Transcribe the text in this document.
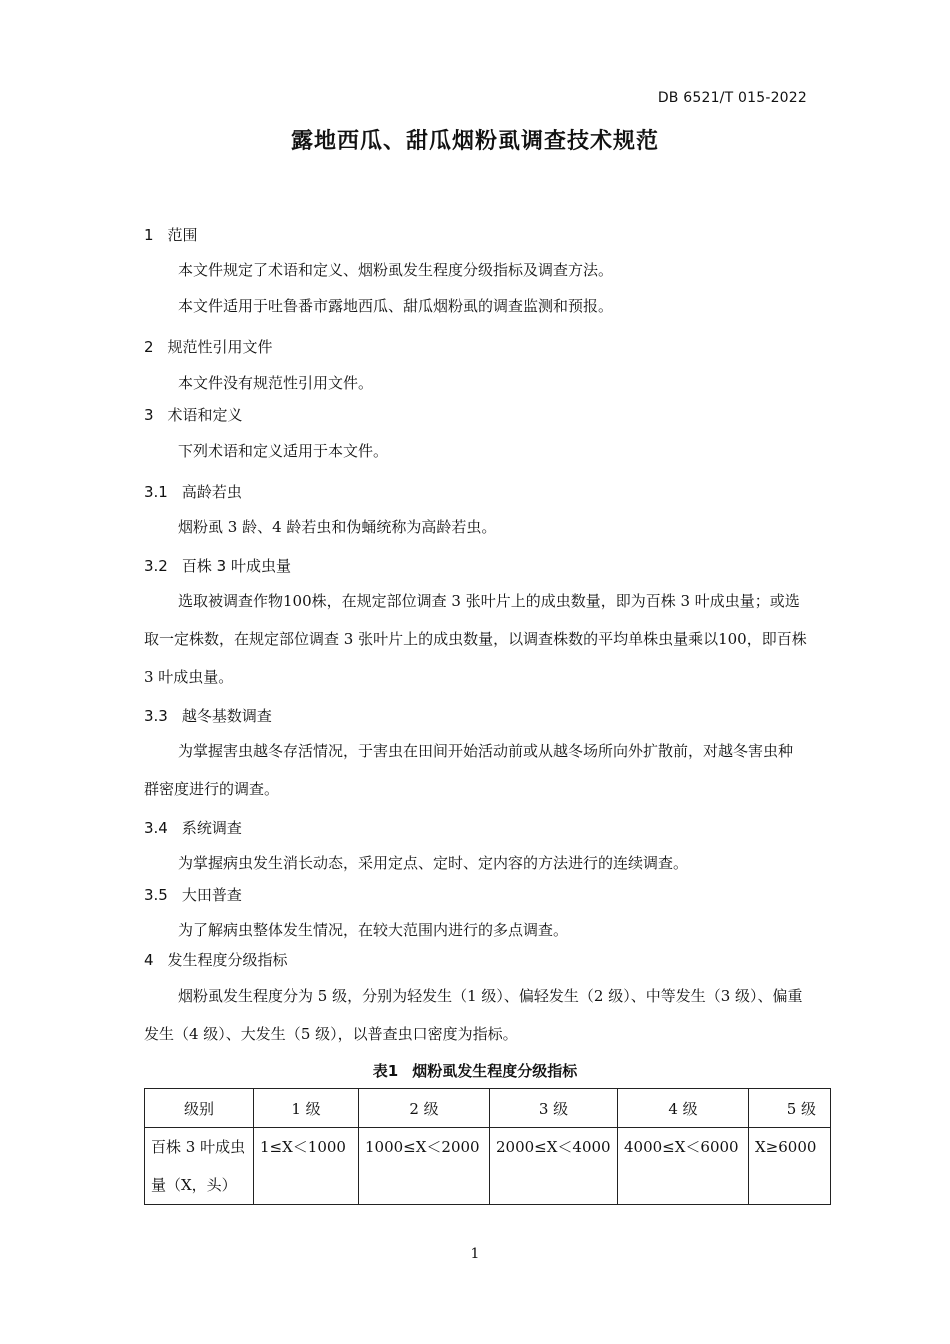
DB 6521/T 015-2022
露地西瓜、甜瓜烟粉虱调查技术规范
1 范围
本文件规定了术语和定义、烟粉虱发生程度分级指标及调查方法。
本文件适用于吐鲁番市露地西瓜、甜瓜烟粉虱的调查监测和预报。
2 规范性引用文件
本文件没有规范性引用文件。
3 术语和定义
下列术语和定义适用于本文件。
3.1 高龄若虫
烟粉虱 3 龄、4 龄若虫和伪蛹统称为高龄若虫。
3.2 百株 3 叶成虫量
选取被调查作物100株，在规定部位调查 3 张叶片上的成虫数量，即为百株 3 叶成虫量；或选取一定株数，在规定部位调查 3 张叶片上的成虫数量，以调查株数的平均单株虫量乘以100，即百株 3 叶成虫量。
3.3 越冬基数调查
为掌握害虫越冬存活情况，于害虫在田间开始活动前或从越冬场所向外扩散前，对越冬害虫种群密度进行的调查。
3.4 系统调查
为掌握病虫发生消长动态，采用定点、定时、定内容的方法进行的连续调查。
3.5 大田普查
为了解病虫整体发生情况，在较大范围内进行的多点调查。
4 发生程度分级指标
烟粉虱发生程度分为 5 级，分别为轻发生（1 级）、偏轻发生（2 级）、中等发生（3 级）、偏重发生（4 级）、大发生（5 级），以普查虫口密度为指标。
表1 烟粉虱发生程度分级指标
级别	1 级	2 级	3 级	4 级	5 级
百株 3 叶成虫量（X，头）	1≤X＜1000	1000≤X＜2000	2000≤X＜4000	4000≤X＜6000	X≥6000
1
